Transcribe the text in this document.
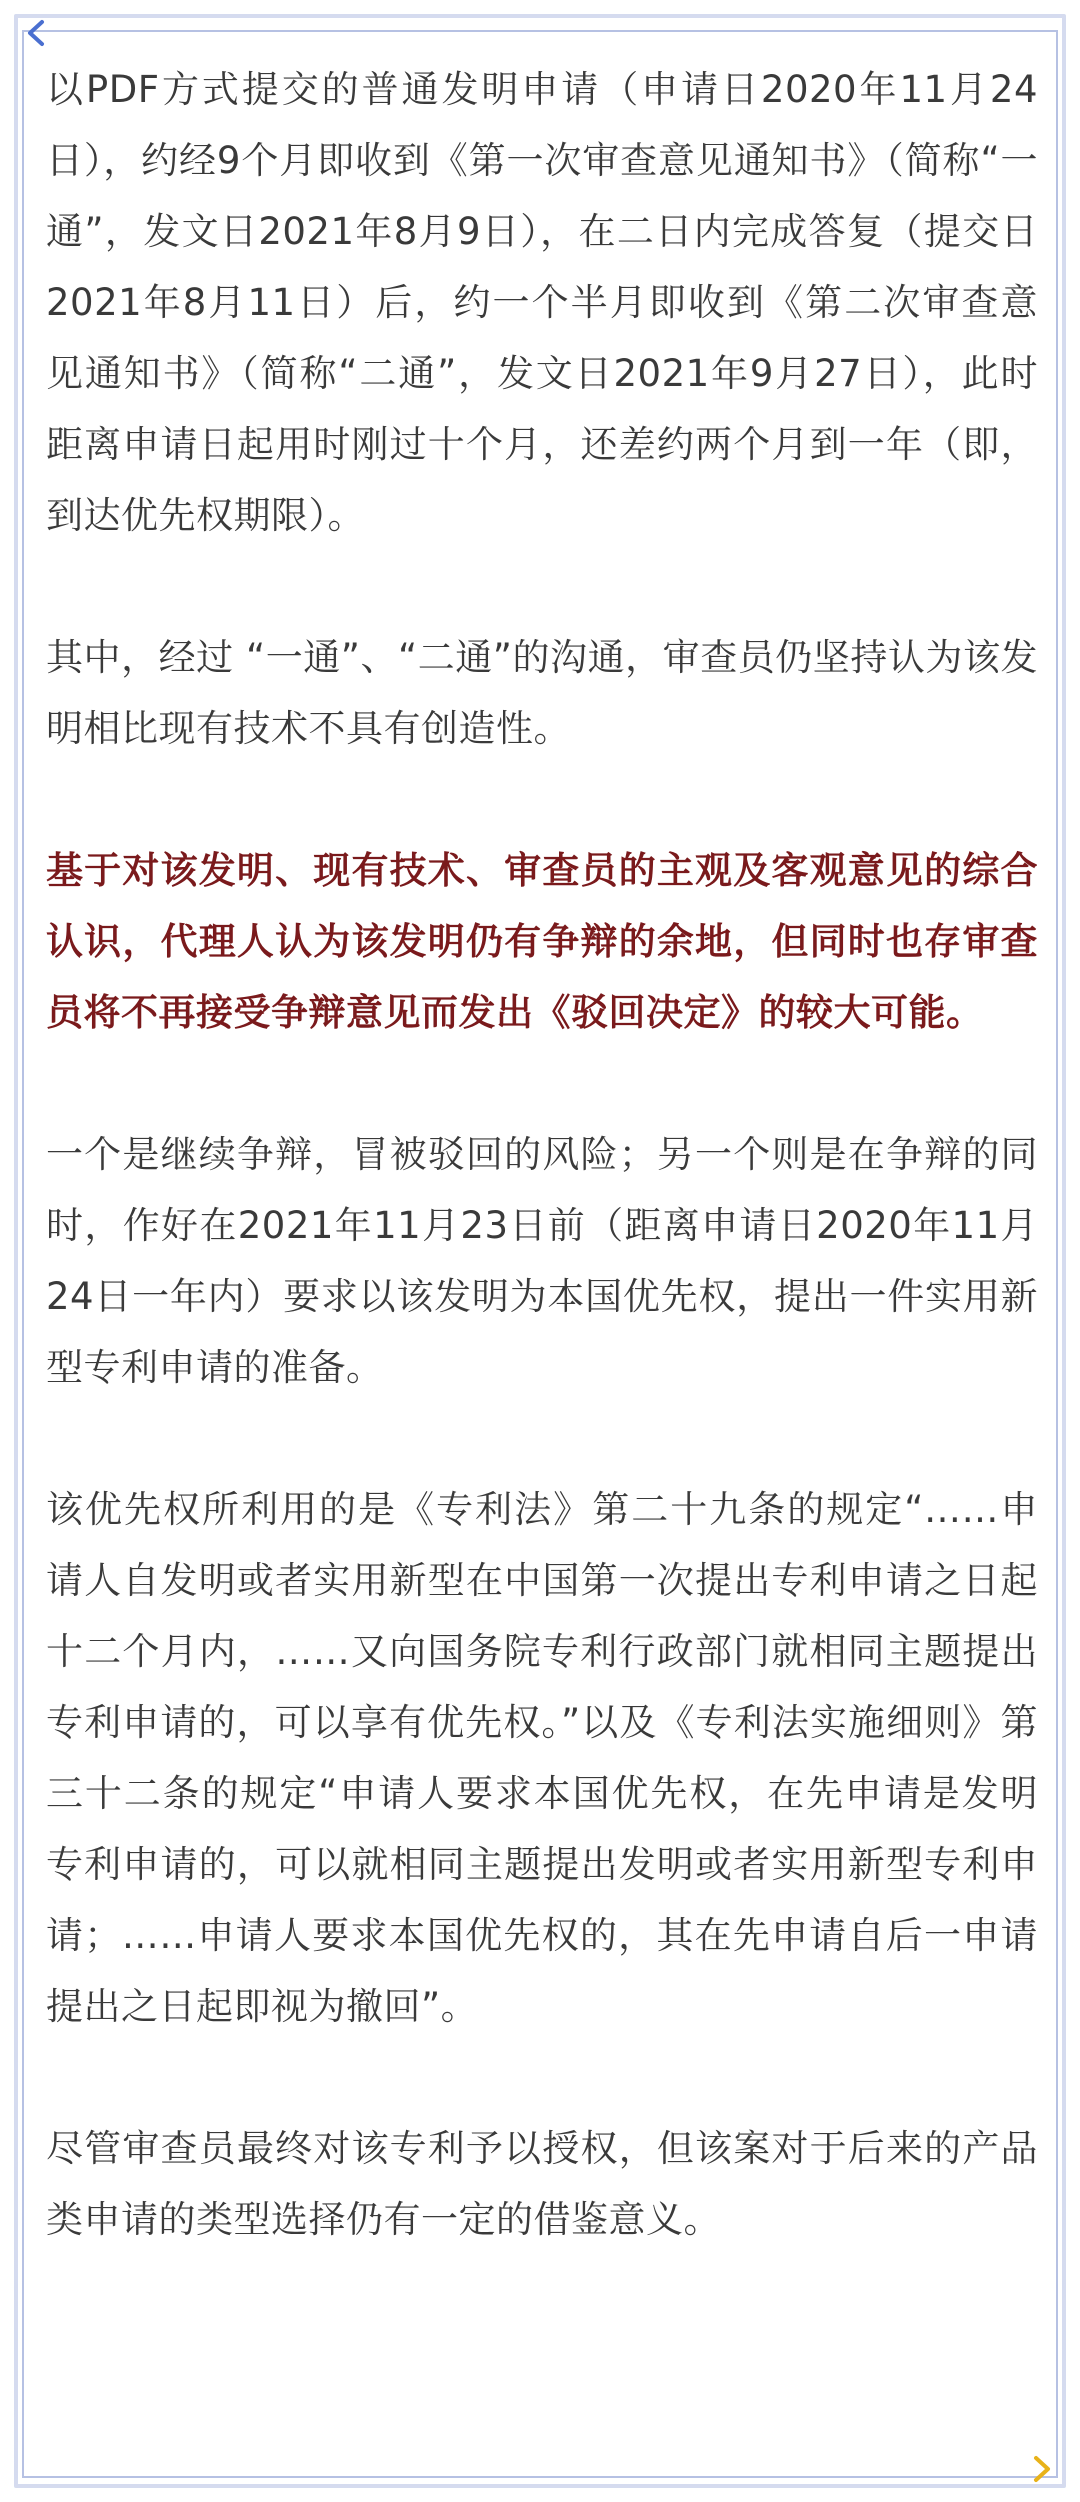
以PDF方式提交的普通发明申请（申请日2020年11月24日），约经9个月即收到《第一次审查意见通知书》（简称“一通”，发文日2021年8月9日），在二日内完成答复（提交日2021年8月11日）后，约一个半月即收到《第二次审查意见通知书》（简称“二通”，发文日2021年9月27日），此时距离申请日起用时刚过十个月，还差约两个月到一年（即，到达优先权期限）。

其中，经过 “一通”、“二通”的沟通，审查员仍坚持认为该发明相比现有技术不具有创造性。

基于对该发明、现有技术、审查员的主观及客观意见的综合认识，代理人认为该发明仍有争辩的余地，但同时也存审查员将不再接受争辩意见而发出《驳回决定》的较大可能。

一个是继续争辩，冒被驳回的风险；另一个则是在争辩的同时，作好在2021年11月23日前（距离申请日2020年11月24日一年内）要求以该发明为本国优先权，提出一件实用新型专利申请的准备。

该优先权所利用的是《专利法》第二十九条的规定“……申请人自发明或者实用新型在中国第一次提出专利申请之日起十二个月内，……又向国务院专利行政部门就相同主题提出专利申请的，可以享有优先权。”以及《专利法实施细则》第三十二条的规定“申请人要求本国优先权，在先申请是发明专利申请的，可以就相同主题提出发明或者实用新型专利申请；……申请人要求本国优先权的，其在先申请自后一申请提出之日起即视为撤回”。

尽管审查员最终对该专利予以授权，但该案对于后来的产品类申请的类型选择仍有一定的借鉴意义。
